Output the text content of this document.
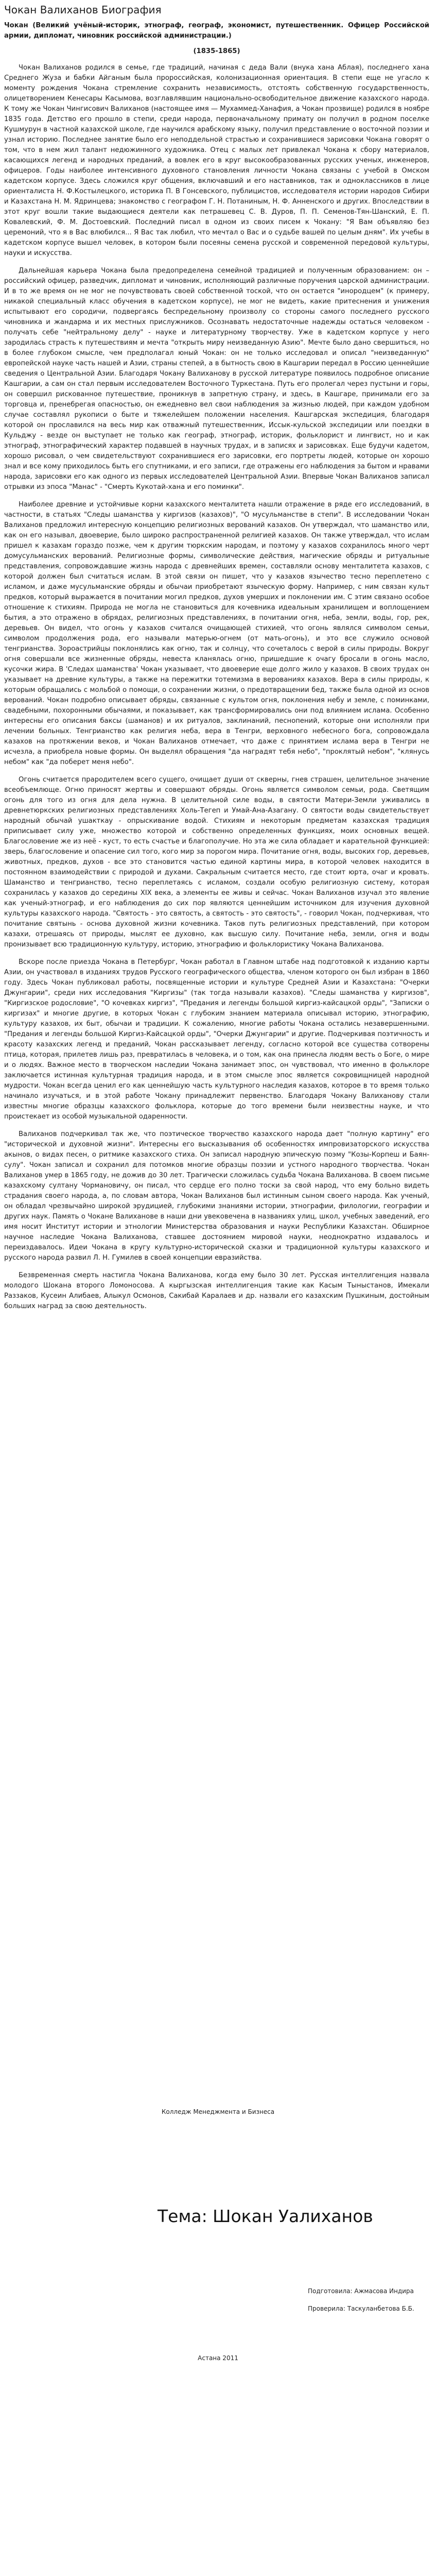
Чокан Валиханов Биография

Чокан (Великий учёный-историк, этнограф, географ, экономист, путешественник. Офицер Российской армии, дипломат, чиновник российской администрации.)

(1835-1865)

Чокан Валиханов родился в семье, где традиций, начиная с деда Вали (внука хана Аблая), последнего хана Среднего Жуза и бабки Айганым была пророссийская, колонизационная ориентация. В степи еще не угасло к моменту рождения Чокана стремление сохранить независимость, отстоять собственную государственность, олицетворением Кенесары Касымова, возглавлявшим национально-освободительное движение казахского народа. К тому же Чокан Чингисович Валиханов (настоящее имя — Мухаммед-Ханафия, а Чокан прозвище) родился в ноябре 1835 года. Детство его прошло в степи, среди народа, первоначальному примату он получил в родном поселке Кушмурун в частной казахской школе, где научился арабскому языку, получил представление о восточной поэзии и узнал историю. Последнее занятие было его неподдельной страстью и сохранившиеся зарисовки Чокана говорят о том, что в нем жил талант недюжинного художника. Отец с малых лет привлекал Чокана к сбору материалов, касающихся легенд и народных преданий, а вовлек его в круг высокообразованных русских ученых, инженеров, офицеров. Годы наиболее интенсивного духовного становления личности Чокана связаны с учебой в Омском кадетском корпусе. Здесь сложился круг общения, включавший и его наставников, так и одноклассников в лице ориенталиста Н. Ф.Костылецкого, историка П. В Гонсевского, публицистов, исследователя истории народов Сибири и Казахстана Н. М. Ядринцева; знакомство с географом Г. Н. Потаниным, Н. Ф. Анненского и других. Впоследствии в этот круг вошли такие выдающиеся деятели как петрашевец С. В. Дуров, П. П. Семенов-Тян-Шанский, Е. П. Ковалевский, Ф. М. Достоевский. Последний писал в одном из своих писем к Чокану: "Я Вам объявляю без церемоний, что я в Вас влюбился... Я Вас так любил, что мечтал о Вас и о судьбе вашей по целым дням". Их учебы в кадетском корпусе вышел человек, в котором были посеяны семена русской и современной передовой культуры, науки и искусства.

Дальнейшая карьера Чокана была предопределена семейной традицией и полученным образованием: он – российский офицер, разведчик, дипломат и чиновник, исполняющий различные поручения царской администрации. И в то же время он не мог не почувствовать своей собственной тоской, что он остается "инородцем" (к примеру, никакой специальный класс обучения в кадетском корпусе), не мог не видеть, какие притеснения и унижения испытывают его сородичи, подвергаясь беспредельному произволу со стороны самого последнего русского чиновника и жандарма и их местных прислужников. Осознавать недостаточные надежды остаться человеком - получать себе "нейтральному делу" - науке и литературному творчеству. Уже в кадетском корпусе у него зародилась страсть к путешествиям и мечта "открыть миру неизведанную Азию". Мечте было дано свершиться, но в более глубоком смысле, чем предполагал юный Чокан: он не только исследовал и описал "неизведанную" европейской науке часть нашей и Азии, страны степей, а в бытность свою в Кашгарии передал в Россию ценнейшие сведения о Центральной Азии. Благодаря Чокану Валиханову в русской литературе появилось подробное описание Кашгарии, а сам он стал первым исследователем Восточного Туркестана. Путь его пролегал через пустыни и горы, он совершил рискованное путешествие, проникнув в запретную страну, и здесь, в Кашгаре, принимали его за торговца и, пренебрегая опасностью, он ежедневно вел свои наблюдения за жизнью людей, при каждом удобном случае составлял рукописи о быте и тяжелейшем положении населения. Кашгарская экспедиция, благодаря которой он прославился на весь мир как отважный путешественник, Иссык-кульской экспедиции или поездки в Кульджу - везде он выступает не только как географ, этнограф, историк, фольклорист и лингвист, но и как этнограф, этнографический характер подавшей в научных трудах, и в записях и зарисовках. Еще будучи кадетом, хорошо рисовал, о чем свидетельствуют сохранившиеся его зарисовки, его портреты людей, которые он хорошо знал и все кому приходилось быть его спутниками, и его записи, где отражены его наблюдения за бытом и нравами народа, зарисовки его как одного из первых исследователей Центральной Азии. Впервые Чокан Валиханов записал отрывки из эпоса "Манас" - "Смерть Кукотай-хана и его поминки".

Наиболее древние и устойчивые корни казахского менталитета нашли отражение в ряде его исследований, в частности, в статьях "Следы шаманства у киргизов (казахов)", "О мусульманстве в степи". В исследовании Чокан Валиханов предложил интересную концепцию религиозных верований казахов. Он утверждал, что шаманство или, как он его называл, двоеверие, было широко распространенной религией казахов. Он также утверждал, что ислам пришел к казахам гораздо позже, чем к другим тюркским народам, и поэтому у казахов сохранилось много черт домусульманских верований. Религиозные формы, символические действия, магические обряды и ритуальные представления, сопровождавшие жизнь народа с древнейших времен, составляли основу менталитета казахов, с которой должен был считаться ислам. В этой связи он пишет, что у казахов язычество тесно переплетено с исламом, и даже мусульманские обряды и обычаи приобретают языческую форму. Например, с ним связан культ предков, который выражается в почитании могил предков, духов умерших и поклонении им. С этим связано особое отношение к стихиям. Природа не могла не становиться для кочевника идеальным хранилищем и воплощением бытия, а это отражено в обрядах, религиозных представлениях, в почитании огня, неба, земли, воды, гор, рек, деревьев. Он видел, что огонь у казахов считался очищающей стихией, что огонь являлся символом семьи, символом продолжения рода, его называли матерью-огнем (от мать-огонь), и это все служило основой тенгрианства. Зороастрийцы поклонялись как огню, так и солнцу, что сочеталось с верой в силы природы. Вокруг огня совершали все жизненные обряды, невеста кланялась огню, пришедшие к очагу бросали в огонь масло, кусочки жира. В 'Следах шаманства' Чокан указывает, что двоеверие еще долго жило у казахов. В своих трудах он указывает на древние культуры, а также на пережитки тотемизма в верованиях казахов. Вера в силы природы, к которым обращались с мольбой о помощи, о сохранении жизни, о предотвращении бед, также была одной из основ верований. Чокан подробно описывает обряды, связанные с культом огня, поклонения небу и земле, с поминками, свадебными, похоронными обычаями, и показывает, как трансформировались они под влиянием ислама. Особенно интересны его описания баксы (шаманов) и их ритуалов, заклинаний, песнопений, которые они исполняли при лечении больных. Тенгрианство как религия неба, вера в Тенгри, верховного небесного бога, сопровождала казахов на протяжении веков, и Чокан Валиханов отмечает, что даже с принятием ислама вера в Тенгри не исчезла, а приобрела новые формы. Он выделял обращения "да наградят тебя небо", "проклятый небом", "клянусь небом" как "да поберет меня небо".

Огонь считается прародителем всего сущего, очищает души от скверны, гнев страшен, целительное значение всеобъемлюще. Огню приносят жертвы и совершают обряды. Огонь является символом семьи, рода. Светящим огонь для того из огня для дела нужна. В целительной силе воды, в святости Матери-Земли уживались в древнетюркских религиозных представлениях Холь-Тегеп и Умай-Ана-Азагану. О святости воды свидетельствует народный обычай ушакткау - опрыскивание водой. Стихиям и некоторым предметам казахская традиция приписывает силу уже, множество которой и собственно определенных функциях, моих основных вещей. Благословение же из неё - куст, то есть счастье и благополучие. Но эта же сила обладает и карательной функцией: зверь, благословение и опасение сил того, кого мир за порогом мира. Почитание огня, воды, высоких гор, деревьев, животных, предков, духов - все это становится частью единой картины мира, в которой человек находится в постоянном взаимодействии с природой и духами. Сакральным считается место, где стоит юрта, очаг и кровать. Шаманство и тенгрианство, тесно переплетаясь с исламом, создали особую религиозную систему, которая сохранилась у казахов до середины ХIХ века, а элементы ее живы и сейчас. Чокан Валиханов изучал это явление как ученый-этнограф, и его наблюдения до сих пор являются ценнейшим источником для изучения духовной культуры казахского народа. "Святость - это святость, а святость - это святость", - говорил Чокан, подчеркивая, что почитание святынь - основа духовной жизни кочевника. Таков путь религиозных представлений, при котором казахи, отрешаясь от природы, мыслят ее духовно, как высшую силу. Почитание неба, земли, огня и воды пронизывает всю традиционную культуру, историю, этнографию и фольклористику Чокана Валиханова.

Вскоре после приезда Чокана в Петербург, Чокан работал в Главном штабе над подготовкой к изданию карты Азии, он участвовал в изданиях трудов Русского географического общества, членом которого он был избран в 1860 году. Здесь Чокан публиковал работы, посвященные истории и культуре Средней Азии и Казахстана: "Очерки Джунгарии", среди них исследования "Киргизы" (так тогда называли казахов). "Следы шаманства у киргизов", "Киргизское родословие", "О кочевках киргиз", "Предания и легенды большой киргиз-кайсацкой орды", "Записки о киргизах" и многие другие, в которых Чокан с глубоким знанием материала описывал историю, этнографию, культуру казахов, их быт, обычаи и традиции. К сожалению, многие работы Чокана остались незавершенными. "Предания и легенды большой Киргиз-Кайсацкой орды", "Очерки Джунгарии" и другие. Подчеркивая поэтичность и красоту казахских легенд и преданий, Чокан рассказывает легенду, согласно которой все существа сотворены птица, которая, прилетев лишь раз, превратилась в человека, и о том, как она принесла людям весть о Боге, о мире и о людях. Важное место в творческом наследии Чокана занимает эпос, он чувствовал, что именно в фольклоре заключается истинная культурная традиция народа, и в этом смысле эпос является сокровищницей народной мудрости. Чокан всегда ценил его как ценнейшую часть культурного наследия казахов, которое в то время только начинало изучаться, и в этой работе Чокану принадлежит первенство. Благодаря Чокану Валиханову стали известны многие образцы казахского фольклора, которые до того времени были неизвестны науке, и что проистекает из особой музыкальной одаренности.

Валиханов подчеркивал так же, что поэтическое творчество казахского народа дает "полную картину" его "исторической и духовной жизни". Интересны его высказывания об особенностях импровизаторского искусства акынов, о видах песен, о ритмике казахского стиха. Он записал народную эпическую поэму "Козы-Корпеш и Баян-сулу". Чокан записал и сохранил для потомков многие образцы поэзии и устного народного творчества. Чокан Валиханов умер в 1865 году, не дожив до 30 лет. Трагически сложилась судьба Чокана Валиханова. В своем письме казахскому султану Чормановичу, он писал, что сердце его полно тоски за свой народ, что ему больно видеть страдания своего народа, а, по словам автора, Чокан Валиханов был истинным сыном своего народа. Как ученый, он обладал чрезвычайно широкой эрудицией, глубокими знаниями истории, этнографии, филологии, географии и других наук. Память о Чокане Валиханове в наши дни увековечена в названиях улиц, школ, учебных заведений, его имя носит Институт истории и этнологии Министерства образования и науки Республики Казахстан. Обширное научное наследие Чокана Валиханова, ставшее достоянием мировой науки, неоднократно издавалось и переиздавалось. Идеи Чокана в кругу культурно-исторической сказки и традиционной культуры казахского и русского народа развил Л. Н. Гумилев в своей концепции евразийства.

Безвременная смерть настигла Чокана Валиханова, когда ему было 30 лет. Русская интеллигенция назвала молодого Шокана второго Ломоносова. А кыргызская интеллигенция такие как Касым Тыныстанов, Имекали Раззаков, Кусеин Алибаев, Алыкул Осмонов, Сакибай Каралаев и др. назвали его казахским Пушкиным, достойным больших наград за свою деятельность.

Колледж Менеджмента и Бизнеса
Тема: Шокан Уалиханов
Подготовила: Ажмасова Индира
Проверила: Таскуланбетова Б.Б.
Астана 2011
